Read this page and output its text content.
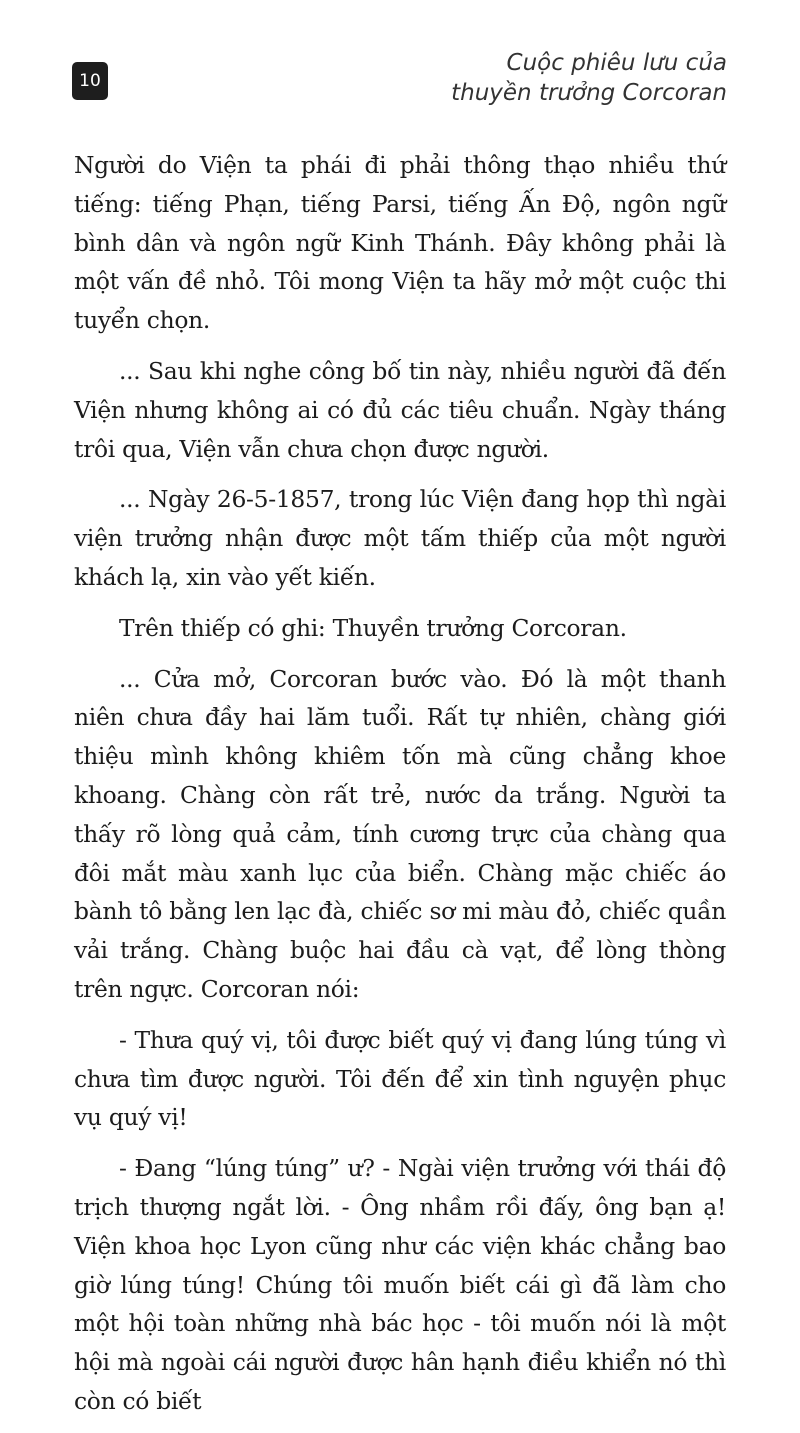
10
Cuộc phiêu lưu của
thuyền trưởng Corcoran

Người do Viện ta phái đi phải thông thạo nhiều thứ tiếng: tiếng Phạn, tiếng Parsi, tiếng Ấn Độ, ngôn ngữ bình dân và ngôn ngữ Kinh Thánh. Đây không phải là một vấn đề nhỏ. Tôi mong Viện ta hãy mở một cuộc thi tuyển chọn.

... Sau khi nghe công bố tin này, nhiều người đã đến Viện nhưng không ai có đủ các tiêu chuẩn. Ngày tháng trôi qua, Viện vẫn chưa chọn được người.

... Ngày 26-5-1857, trong lúc Viện đang họp thì ngài viện trưởng nhận được một tấm thiếp của một người khách lạ, xin vào yết kiến.

Trên thiếp có ghi: Thuyền trưởng Corcoran.

... Cửa mở, Corcoran bước vào. Đó là một thanh niên chưa đầy hai lăm tuổi. Rất tự nhiên, chàng giới thiệu mình không khiêm tốn mà cũng chẳng khoe khoang. Chàng còn rất trẻ, nước da trắng. Người ta thấy rõ lòng quả cảm, tính cương trực của chàng qua đôi mắt màu xanh lục của biển. Chàng mặc chiếc áo bành tô bằng len lạc đà, chiếc sơ mi màu đỏ, chiếc quần vải trắng. Chàng buộc hai đầu cà vạt, để lòng thòng trên ngực. Corcoran nói:

- Thưa quý vị, tôi được biết quý vị đang lúng túng vì chưa tìm được người. Tôi đến để xin tình nguyện phục vụ quý vị!

- Đang “lúng túng” ư? - Ngài viện trưởng với thái độ trịch thượng ngắt lời. - Ông nhầm rồi đấy, ông bạn ạ! Viện khoa học Lyon cũng như các viện khác chẳng bao giờ lúng túng! Chúng tôi muốn biết cái gì đã làm cho một hội toàn những nhà bác học - tôi muốn nói là một hội mà ngoài cái người được hân hạnh điều khiển nó thì còn có biết
